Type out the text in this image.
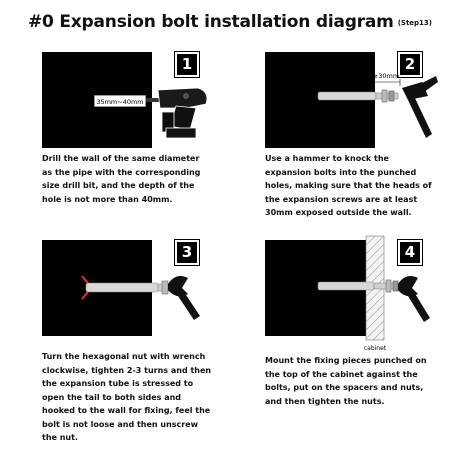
#0 Expansion bolt installation diagram (Step13)
1
35mm~40mm
Drill the wall of the same diameter as the pipe with the corresponding size drill bit, and the depth of the hole is not more than 40mm.
2
≥30mm
Use a hammer to knock the expansion bolts into the punched holes, making sure that the heads of the expansion screws are at least 30mm exposed outside the wall.
3
Turn the hexagonal nut with wrench clockwise, tighten 2-3 turns and then the expansion tube is stressed to open the tail to both sides and hooked to the wall for fixing, feel the bolt is not loose and then unscrew the nut.
4
cabinet
Mount the fixing pieces punched on the top of the cabinet against the bolts, put on the spacers and nuts, and then tighten the nuts.
